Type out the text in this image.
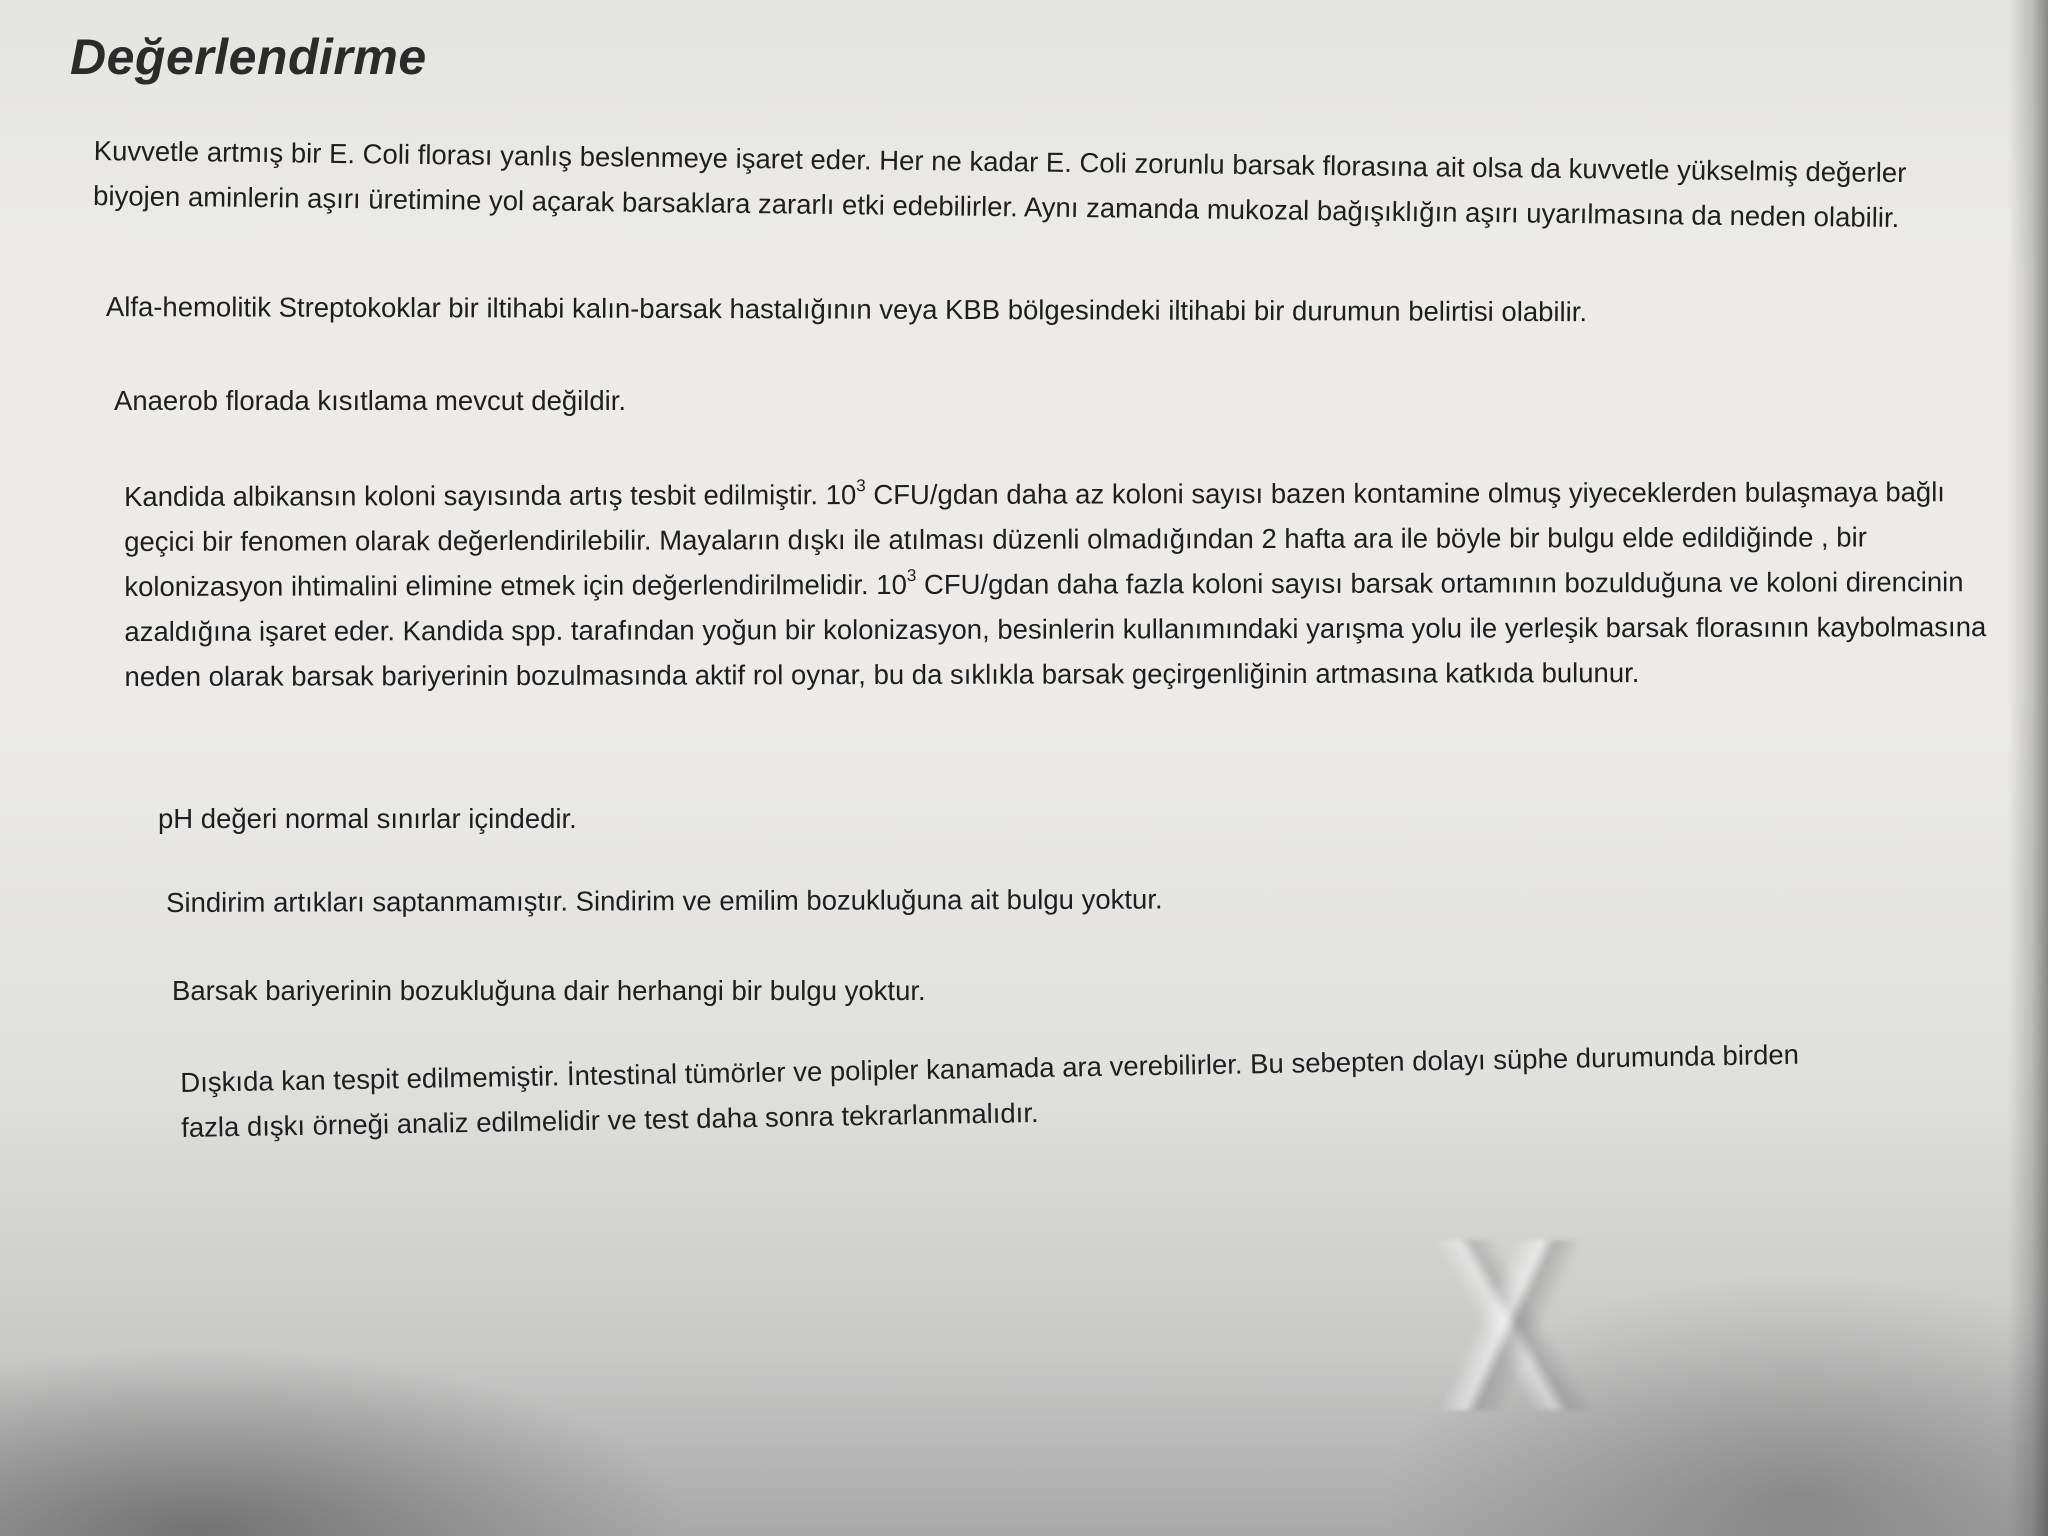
Değerlendirme

Kuvvetle artmış bir E. Coli florası yanlış beslenmeye işaret eder. Her ne kadar E. Coli zorunlu barsak florasına ait olsa da kuvvetle yükselmiş değerler biyojen aminlerin aşırı üretimine yol açarak barsaklara zararlı etki edebilirler. Aynı zamanda mukozal bağışıklığın aşırı uyarılmasına da neden olabilir.

Alfa-hemolitik Streptokoklar bir iltihabi kalın-barsak hastalığının veya KBB bölgesindeki iltihabi bir durumun belirtisi olabilir.

Anaerob florada kısıtlama mevcut değildir.

Kandida albikansın koloni sayısında artış tesbit edilmiştir. $10^3$ CFU/gdan daha az koloni sayısı bazen kontamine olmuş yiyeceklerden bulaşmaya bağlı geçici bir fenomen olarak değerlendirilebilir. Mayaların dışkı ile atılması düzenli olmadığından 2 hafta ara ile böyle bir bulgu elde edildiğinde , bir kolonizasyon ihtimalini elimine etmek için değerlendirilmelidir. $10^3$ CFU/gdan daha fazla koloni sayısı barsak ortamının bozulduğuna ve koloni direncinin azaldığına işaret eder. Kandida spp. tarafından yoğun bir kolonizasyon, besinlerin kullanımındaki yarışma yolu ile yerleşik barsak florasının kaybolmasına neden olarak barsak bariyerinin bozulmasında aktif rol oynar, bu da sıklıkla barsak geçirgenliğinin artmasına katkıda bulunur.

pH değeri normal sınırlar içindedir.

Sindirim artıkları saptanmamıştır. Sindirim ve emilim bozukluğuna ait bulgu yoktur.

Barsak bariyerinin bozukluğuna dair herhangi bir bulgu yoktur.

Dışkıda kan tespit edilmemiştir. İntestinal tümörler ve polipler kanamada ara verebilirler. Bu sebepten dolayı süphe durumunda birden fazla dışkı örneği analiz edilmelidir ve test daha sonra tekrarlanmalıdır.
